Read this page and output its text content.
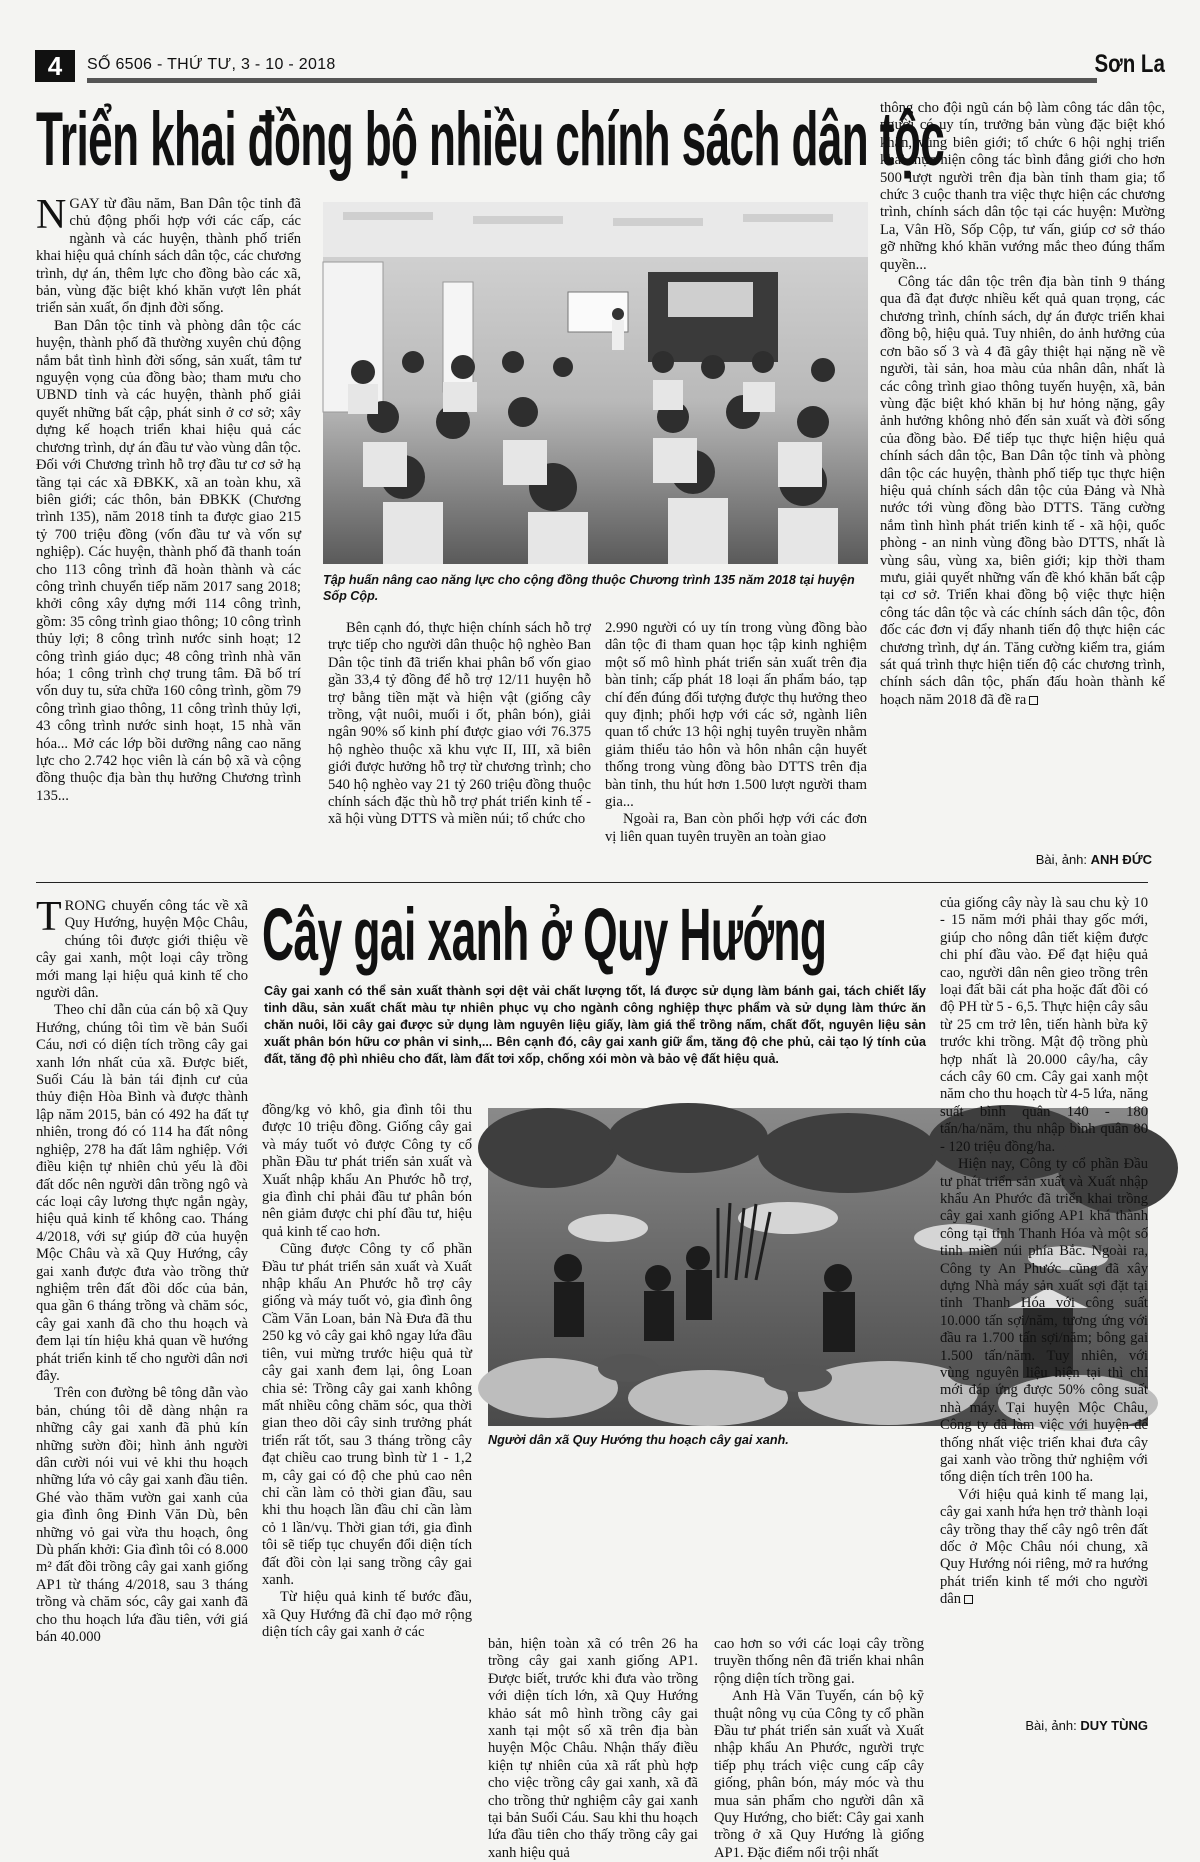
4	SỐ 6506 - THỨ TƯ, 3 - 10 - 2018	Sơn La
Triển khai đồng bộ nhiều chính sách dân tộc

NGAY từ đầu năm, Ban Dân tộc tỉnh đã chủ động phối hợp với các cấp, các ngành và các huyện, thành phố triển khai hiệu quả chính sách dân tộc, các chương trình, dự án, thêm lực cho đồng bào các xã, bản, vùng đặc biệt khó khăn vượt lên phát triển sản xuất, ổn định đời sống.

Ban Dân tộc tỉnh và phòng dân tộc các huyện, thành phố đã thường xuyên chủ động nắm bắt tình hình đời sống, sản xuất, tâm tư nguyện vọng của đồng bào; tham mưu cho UBND tỉnh và các huyện, thành phố giải quyết những bất cập, phát sinh ở cơ sở; xây dựng kế hoạch triển khai hiệu quả các chương trình, dự án đầu tư vào vùng dân tộc. Đối với Chương trình hỗ trợ đầu tư cơ sở hạ tầng tại các xã ĐBKK, xã an toàn khu, xã biên giới; các thôn, bản ĐBKK (Chương trình 135), năm 2018 tỉnh ta được giao 215 tỷ 700 triệu đồng (vốn đầu tư và vốn sự nghiệp). Các huyện, thành phố đã thanh toán cho 113 công trình đã hoàn thành và các công trình chuyển tiếp năm 2017 sang 2018; khởi công xây dựng mới 114 công trình, gồm: 35 công trình giao thông; 10 công trình thủy lợi; 8 công trình nước sinh hoạt; 12 công trình giáo dục; 48 công trình nhà văn hóa; 1 công trình chợ trung tâm. Đã bố trí vốn duy tu, sửa chữa 160 công trình, gồm 79 công trình giao thông, 11 công trình thủy lợi, 43 công trình nước sinh hoạt, 15 nhà văn hóa... Mở các lớp bồi dưỡng nâng cao năng lực cho 2.742 học viên là cán bộ xã và cộng đồng thuộc địa bàn thụ hưởng Chương trình 135...

Tập huấn nâng cao năng lực cho cộng đồng thuộc Chương trình 135 năm 2018 tại huyện Sốp Cộp.

Bên cạnh đó, thực hiện chính sách hỗ trợ trực tiếp cho người dân thuộc hộ nghèo Ban Dân tộc tỉnh đã triển khai phân bổ vốn giao gần 33,4 tỷ đồng để hỗ trợ 12/11 huyện hỗ trợ bằng tiền mặt và hiện vật (giống cây trồng, vật nuôi, muối i ốt, phân bón), giải ngân 90% số kinh phí được giao với 76.375 hộ nghèo thuộc xã khu vực II, III, xã biên giới được hưởng hỗ trợ từ chương trình; cho 540 hộ nghèo vay 21 tỷ 260 triệu đồng thuộc chính sách đặc thù hỗ trợ phát triển kinh tế - xã hội vùng DTTS và miền núi; tổ chức cho

2.990 người có uy tín trong vùng đồng bào dân tộc đi tham quan học tập kinh nghiệm một số mô hình phát triển sản xuất trên địa bàn tỉnh; cấp phát 18 loại ấn phẩm báo, tạp chí đến đúng đối tượng được thụ hưởng theo quy định; phối hợp với các sở, ngành liên quan tổ chức 13 hội nghị tuyên truyền nhằm giảm thiểu tảo hôn và hôn nhân cận huyết thống trong vùng đồng bào DTTS trên địa bàn tỉnh, thu hút hơn 1.500 lượt người tham gia...

Ngoài ra, Ban còn phối hợp với các đơn vị liên quan tuyên truyền an toàn giao

thông cho đội ngũ cán bộ làm công tác dân tộc, người có uy tín, trưởng bản vùng đặc biệt khó khăn, vùng biên giới; tổ chức 6 hội nghị triển khai thực hiện công tác bình đẳng giới cho hơn 500 lượt người trên địa bàn tỉnh tham gia; tổ chức 3 cuộc thanh tra việc thực hiện các chương trình, chính sách dân tộc tại các huyện: Mường La, Vân Hồ, Sốp Cộp, tư vấn, giúp cơ sở tháo gỡ những khó khăn vướng mắc theo đúng thẩm quyền...

Công tác dân tộc trên địa bàn tỉnh 9 tháng qua đã đạt được nhiều kết quả quan trọng, các chương trình, chính sách, dự án được triển khai đồng bộ, hiệu quả. Tuy nhiên, do ảnh hưởng của cơn bão số 3 và 4 đã gây thiệt hại nặng nề về người, tài sản, hoa màu của nhân dân, nhất là các công trình giao thông tuyến huyện, xã, bản vùng đặc biệt khó khăn bị hư hỏng nặng, gây ảnh hưởng không nhỏ đến sản xuất và đời sống của đồng bào. Để tiếp tục thực hiện hiệu quả chính sách dân tộc, Ban Dân tộc tỉnh và phòng dân tộc các huyện, thành phố tiếp tục thực hiện hiệu quả chính sách dân tộc của Đảng và Nhà nước tới vùng đồng bào DTTS. Tăng cường nắm tình hình phát triển kinh tế - xã hội, quốc phòng - an ninh vùng đồng bào DTTS, nhất là vùng sâu, vùng xa, biên giới; kịp thời tham mưu, giải quyết những vấn đề khó khăn bất cập tại cơ sở. Triển khai đồng bộ việc thực hiện công tác dân tộc và các chính sách dân tộc, đôn đốc các đơn vị đẩy nhanh tiến độ thực hiện các chương trình, dự án. Tăng cường kiểm tra, giám sát quá trình thực hiện tiến độ các chương trình, chính sách dân tộc, phấn đấu hoàn thành kế hoạch năm 2018 đã đề ra

Bài, ảnh: ANH ĐỨC

TRONG chuyến công tác về xã Quy Hướng, huyện Mộc Châu, chúng tôi được giới thiệu về cây gai xanh, một loại cây trồng mới mang lại hiệu quả kinh tế cho người dân.

Theo chỉ dẫn của cán bộ xã Quy Hướng, chúng tôi tìm về bản Suối Cáu, nơi có diện tích trồng cây gai xanh lớn nhất của xã. Được biết, Suối Cáu là bản tái định cư của thủy điện Hòa Bình và được thành lập năm 2015, bản có 492 ha đất tự nhiên, trong đó có 114 ha đất nông nghiệp, 278 ha đất lâm nghiệp. Với điều kiện tự nhiên chủ yếu là đồi đất dốc nên người dân trồng ngô và các loại cây lương thực ngắn ngày, hiệu quả kinh tế không cao. Tháng 4/2018, với sự giúp đỡ của huyện Mộc Châu và xã Quy Hướng, cây gai xanh được đưa vào trồng thử nghiệm trên đất đồi dốc của bản, qua gần 6 tháng trồng và chăm sóc, cây gai xanh đã cho thu hoạch và đem lại tín hiệu khả quan về hướng phát triển kinh tế cho người dân nơi đây.

Trên con đường bê tông dẫn vào bản, chúng tôi dễ dàng nhận ra những cây gai xanh đã phủ kín những sườn đồi; hình ảnh người dân cười nói vui vẻ khi thu hoạch những lứa vỏ cây gai xanh đầu tiên. Ghé vào thăm vườn gai xanh của gia đình ông Đinh Văn Dù, bên những vỏ gai vừa thu hoạch, ông Dù phấn khởi: Gia đình tôi có 8.000 m² đất đồi trồng cây gai xanh giống AP1 từ tháng 4/2018, sau 3 tháng trồng và chăm sóc, cây gai xanh đã cho thu hoạch lứa đầu tiên, với giá bán 40.000

Cây gai xanh ở Quy Hướng
Cây gai xanh có thể sản xuất thành sợi dệt vải chất lượng tốt, lá được sử dụng làm bánh gai, tách chiết lấy tinh dầu, sản xuất chất màu tự nhiên phục vụ cho ngành công nghiệp thực phẩm và sử dụng làm thức ăn chăn nuôi, lõi cây gai được sử dụng làm nguyên liệu giấy, làm giá thể trồng nấm, chất đốt, nguyên liệu sản xuất phân bón hữu cơ phân vi sinh,... Bên cạnh đó, cây gai xanh giữ ẩm, tăng độ che phủ, cải tạo lý tính của đất, tăng độ phì nhiêu cho đất, làm đất tơi xốp, chống xói mòn và bảo vệ đất hiệu quả.

đồng/kg vỏ khô, gia đình tôi thu được 10 triệu đồng. Giống cây gai và máy tuốt vỏ được Công ty cổ phần Đầu tư phát triển sản xuất và Xuất nhập khẩu An Phước hỗ trợ, gia đình chỉ phải đầu tư phân bón nên giảm được chi phí đầu tư, hiệu quả kinh tế cao hơn.

Cũng được Công ty cổ phần Đầu tư phát triển sản xuất và Xuất nhập khẩu An Phước hỗ trợ cây giống và máy tuốt vỏ, gia đình ông Cầm Văn Loan, bản Nà Đưa đã thu 250 kg vỏ cây gai khô ngay lứa đầu tiên, vui mừng trước hiệu quả từ cây gai xanh đem lại, ông Loan chia sẻ: Trồng cây gai xanh không mất nhiều công chăm sóc, qua thời gian theo dõi cây sinh trưởng phát triển rất tốt, sau 3 tháng trồng cây đạt chiều cao trung bình từ 1 - 1,2 m, cây gai có độ che phủ cao nên chỉ cần làm cỏ thời gian đầu, sau khi thu hoạch lần đầu chỉ cần làm cỏ 1 lần/vụ. Thời gian tới, gia đình tôi sẽ tiếp tục chuyển đổi diện tích đất đồi còn lại sang trồng cây gai xanh.

Từ hiệu quả kinh tế bước đầu, xã Quy Hướng đã chỉ đạo mở rộng diện tích cây gai xanh ở các

Người dân xã Quy Hướng thu hoạch cây gai xanh.

bản, hiện toàn xã có trên 26 ha trồng cây gai xanh giống AP1. Được biết, trước khi đưa vào trồng với diện tích lớn, xã Quy Hướng khảo sát mô hình trồng cây gai xanh tại một số xã trên địa bàn huyện Mộc Châu. Nhận thấy điều kiện tự nhiên của xã rất phù hợp cho việc trồng cây gai xanh, xã đã cho trồng thử nghiệm cây gai xanh tại bản Suối Cáu. Sau khi thu hoạch lứa đầu tiên cho thấy trồng cây gai xanh hiệu quả

cao hơn so với các loại cây trồng truyền thống nên đã triển khai nhân rộng diện tích trồng gai.

Anh Hà Văn Tuyến, cán bộ kỹ thuật nông vụ của Công ty cổ phần Đầu tư phát triển sản xuất và Xuất nhập khẩu An Phước, người trực tiếp phụ trách việc cung cấp cây giống, phân bón, máy móc và thu mua sản phẩm cho người dân xã Quy Hướng, cho biết: Cây gai xanh trồng ở xã Quy Hướng là giống AP1. Đặc điểm nổi trội nhất

của giống cây này là sau chu kỳ 10 - 15 năm mới phải thay gốc mới, giúp cho nông dân tiết kiệm được chi phí đầu vào. Để đạt hiệu quả cao, người dân nên gieo trồng trên loại đất bãi cát pha hoặc đất đồi có độ PH từ 5 - 6,5. Thực hiện cây sâu từ 25 cm trở lên, tiến hành bừa kỹ trước khi trồng. Mật độ trồng phù hợp nhất là 20.000 cây/ha, cây cách cây 60 cm. Cây gai xanh một năm cho thu hoạch từ 4-5 lứa, năng suất bình quân 140 - 180 tấn/ha/năm, thu nhập bình quân 80 - 120 triệu đồng/ha.

Hiện nay, Công ty cổ phần Đầu tư phát triển sản xuất và Xuất nhập khẩu An Phước đã triển khai trồng cây gai xanh giống AP1 khá thành công tại tỉnh Thanh Hóa và một số tỉnh miền núi phía Bắc. Ngoài ra, Công ty An Phước cũng đã xây dựng Nhà máy sản xuất sợi đặt tại tỉnh Thanh Hóa với công suất 10.000 tấn sợi/năm, tương ứng với đầu ra 1.700 tấn sợi/năm; bông gai 1.500 tấn/năm. Tuy nhiên, với vùng nguyên liệu hiện tại thì chỉ mới đáp ứng được 50% công suất nhà máy. Tại huyện Mộc Châu, Công ty đã làm việc với huyện để thống nhất việc triển khai đưa cây gai xanh vào trồng thử nghiệm với tổng diện tích trên 100 ha.

Với hiệu quả kinh tế mang lại, cây gai xanh hứa hẹn trở thành loại cây trồng thay thế cây ngô trên đất dốc ở Mộc Châu nói chung, xã Quy Hướng nói riêng, mở ra hướng phát triển kinh tế mới cho người dân

Bài, ảnh: DUY TÙNG
